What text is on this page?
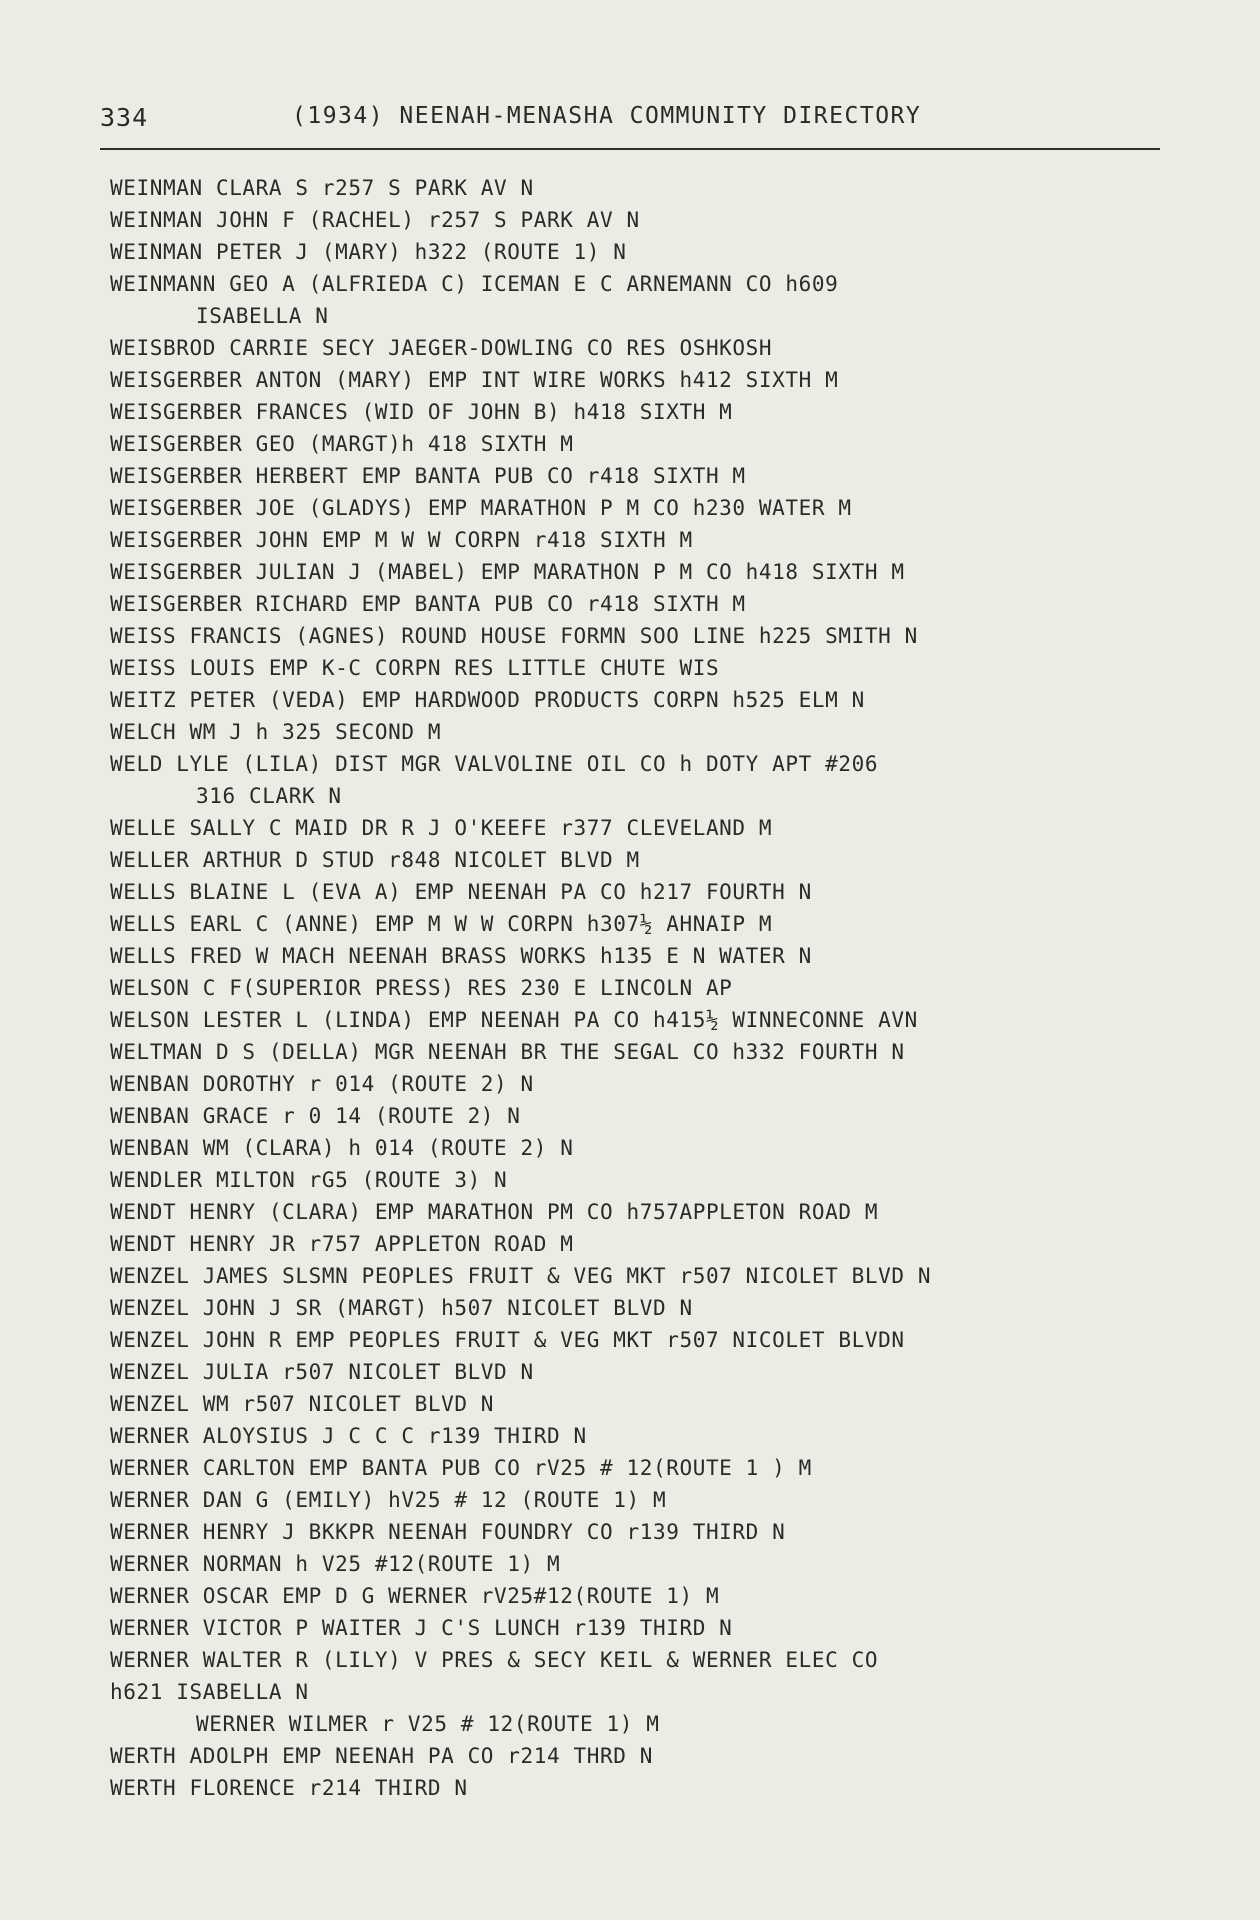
334	(1934) NEENAH-MENASHA COMMUNITY DIRECTORY
WEINMAN CLARA S r257 S PARK AV N
WEINMAN JOHN F (RACHEL) r257 S PARK AV N
WEINMAN PETER J (MARY) h322 (ROUTE 1) N
WEINMANN GEO A (ALFRIEDA C) ICEMAN E C ARNEMANN CO h609
ISABELLA N
WEISBROD CARRIE SECY JAEGER-DOWLING CO RES OSHKOSH
WEISGERBER ANTON (MARY) EMP INT WIRE WORKS h412 SIXTH M
WEISGERBER FRANCES (WID OF JOHN B) h418 SIXTH M
WEISGERBER GEO (MARGT)h 418 SIXTH M
WEISGERBER HERBERT EMP BANTA PUB CO r418 SIXTH M
WEISGERBER JOE (GLADYS) EMP MARATHON P M CO h230 WATER M
WEISGERBER JOHN EMP M W W CORPN r418 SIXTH M
WEISGERBER JULIAN J (MABEL) EMP MARATHON P M CO h418 SIXTH M
WEISGERBER RICHARD EMP BANTA PUB CO r418 SIXTH M
WEISS FRANCIS (AGNES) ROUND HOUSE FORMN SOO LINE h225 SMITH N
WEISS LOUIS EMP K-C CORPN RES LITTLE CHUTE WIS
WEITZ PETER (VEDA) EMP HARDWOOD PRODUCTS CORPN h525 ELM N
WELCH WM J h 325 SECOND M
WELD LYLE (LILA) DIST MGR VALVOLINE OIL CO h DOTY APT #206
316 CLARK N
WELLE SALLY C MAID DR R J O'KEEFE r377 CLEVELAND M
WELLER ARTHUR D STUD r848 NICOLET BLVD M
WELLS BLAINE L (EVA A) EMP NEENAH PA CO h217 FOURTH N
WELLS EARL C (ANNE) EMP M W W CORPN h307½ AHNAIP M
WELLS FRED W MACH NEENAH BRASS WORKS h135 E N WATER N
WELSON C F(SUPERIOR PRESS) RES 230 E LINCOLN AP
WELSON LESTER L (LINDA) EMP NEENAH PA CO h415½ WINNECONNE AVN
WELTMAN D S (DELLA) MGR NEENAH BR THE SEGAL CO h332 FOURTH N
WENBAN DOROTHY r 014 (ROUTE 2) N
WENBAN GRACE r 0 14 (ROUTE 2) N
WENBAN WM (CLARA) h 014 (ROUTE 2) N
WENDLER MILTON rG5 (ROUTE 3) N
WENDT HENRY (CLARA) EMP MARATHON PM CO h757APPLETON ROAD M
WENDT HENRY JR r757 APPLETON ROAD M
WENZEL JAMES SLSMN PEOPLES FRUIT & VEG MKT r507 NICOLET BLVD N
WENZEL JOHN J SR (MARGT) h507 NICOLET BLVD N
WENZEL JOHN R EMP PEOPLES FRUIT & VEG MKT r507 NICOLET BLVDN
WENZEL JULIA r507 NICOLET BLVD N
WENZEL WM r507 NICOLET BLVD N
WERNER ALOYSIUS J C C C r139 THIRD N
WERNER CARLTON EMP BANTA PUB CO rV25 # 12(ROUTE 1 ) M
WERNER DAN G (EMILY) hV25 # 12 (ROUTE 1) M
WERNER HENRY J BKKPR NEENAH FOUNDRY CO r139 THIRD N
WERNER NORMAN h V25 #12(ROUTE 1) M
WERNER OSCAR EMP D G WERNER rV25#12(ROUTE 1) M
WERNER VICTOR P WAITER J C'S LUNCH r139 THIRD N
WERNER WALTER R (LILY) V PRES & SECY KEIL & WERNER ELEC CO
h621 ISABELLA N
WERNER WILMER r V25 # 12(ROUTE 1) M
WERTH ADOLPH EMP NEENAH PA CO r214 THRD N
WERTH FLORENCE r214 THIRD N
